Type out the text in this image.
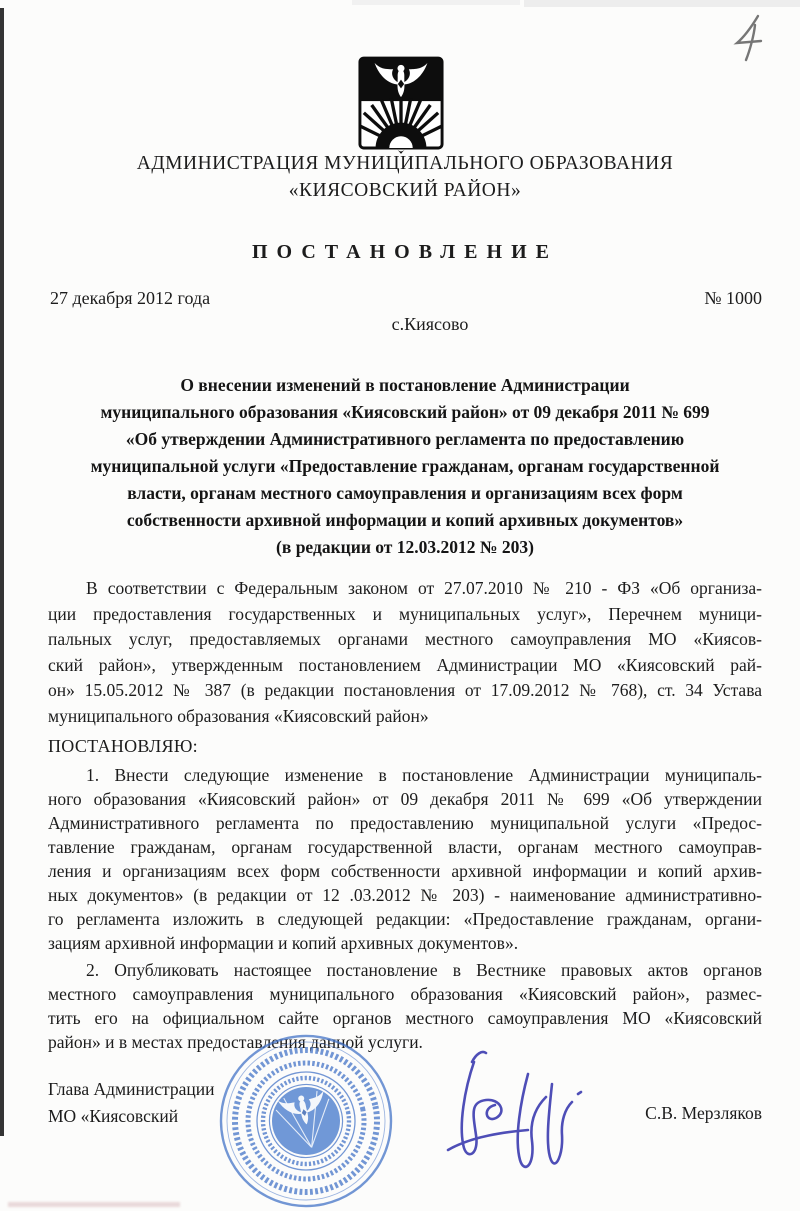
АДМИНИСТРАЦИЯ МУНИЦИПАЛЬНОГО ОБРАЗОВАНИЯ
«КИЯСОВСКИЙ РАЙОН»
ПОСТАНОВЛЕНИЕ
27 декабря 2012 года	№ 1000
с.Киясово
О внесении изменений в постановление Администрации
муниципального образования «Киясовский район» от 09 декабря 2011 № 699
«Об утверждении Административного регламента по предоставлению
муниципальной услуги «Предоставление гражданам, органам государственной
власти, органам местного самоуправления и организациям всех форм
собственности архивной информации и копий архивных документов»
(в редакции от 12.03.2012 № 203)
В соответствии с Федеральным законом от 27.07.2010 № 210 - ФЗ «Об организа-
ции предоставления государственных и муниципальных услуг», Перечнем муници-
пальных услуг, предоставляемых органами местного самоуправления МО «Киясов-
ский район», утвержденным постановлением Администрации МО «Киясовский рай-
он» 15.05.2012 № 387 (в редакции постановления от 17.09.2012 № 768), ст. 34 Устава
муниципального образования «Киясовский район»
ПОСТАНОВЛЯЮ:
1. Внести следующие изменение в постановление Администрации муниципаль-
ного образования «Киясовский район» от 09 декабря 2011 № 699 «Об утверждении
Административного регламента по предоставлению муниципальной услуги «Предос-
тавление гражданам, органам государственной власти, органам местного самоуправ-
ления и организациям всех форм собственности архивной информации и копий архив-
ных документов» (в редакции от 12 .03.2012 № 203) - наименование административно-
го регламента изложить в следующей редакции: «Предоставление гражданам, органи-
зациям архивной информации и копий архивных документов».
2. Опубликовать настоящее постановление в Вестнике правовых актов органов
местного самоуправления муниципального образования «Киясовский район», размес-
тить его на официальном сайте органов местного самоуправления МО «Киясовский
район» и в местах предоставления данной услуги.
Глава Администрации
МО «Киясовский	С.В. Мерзляков
